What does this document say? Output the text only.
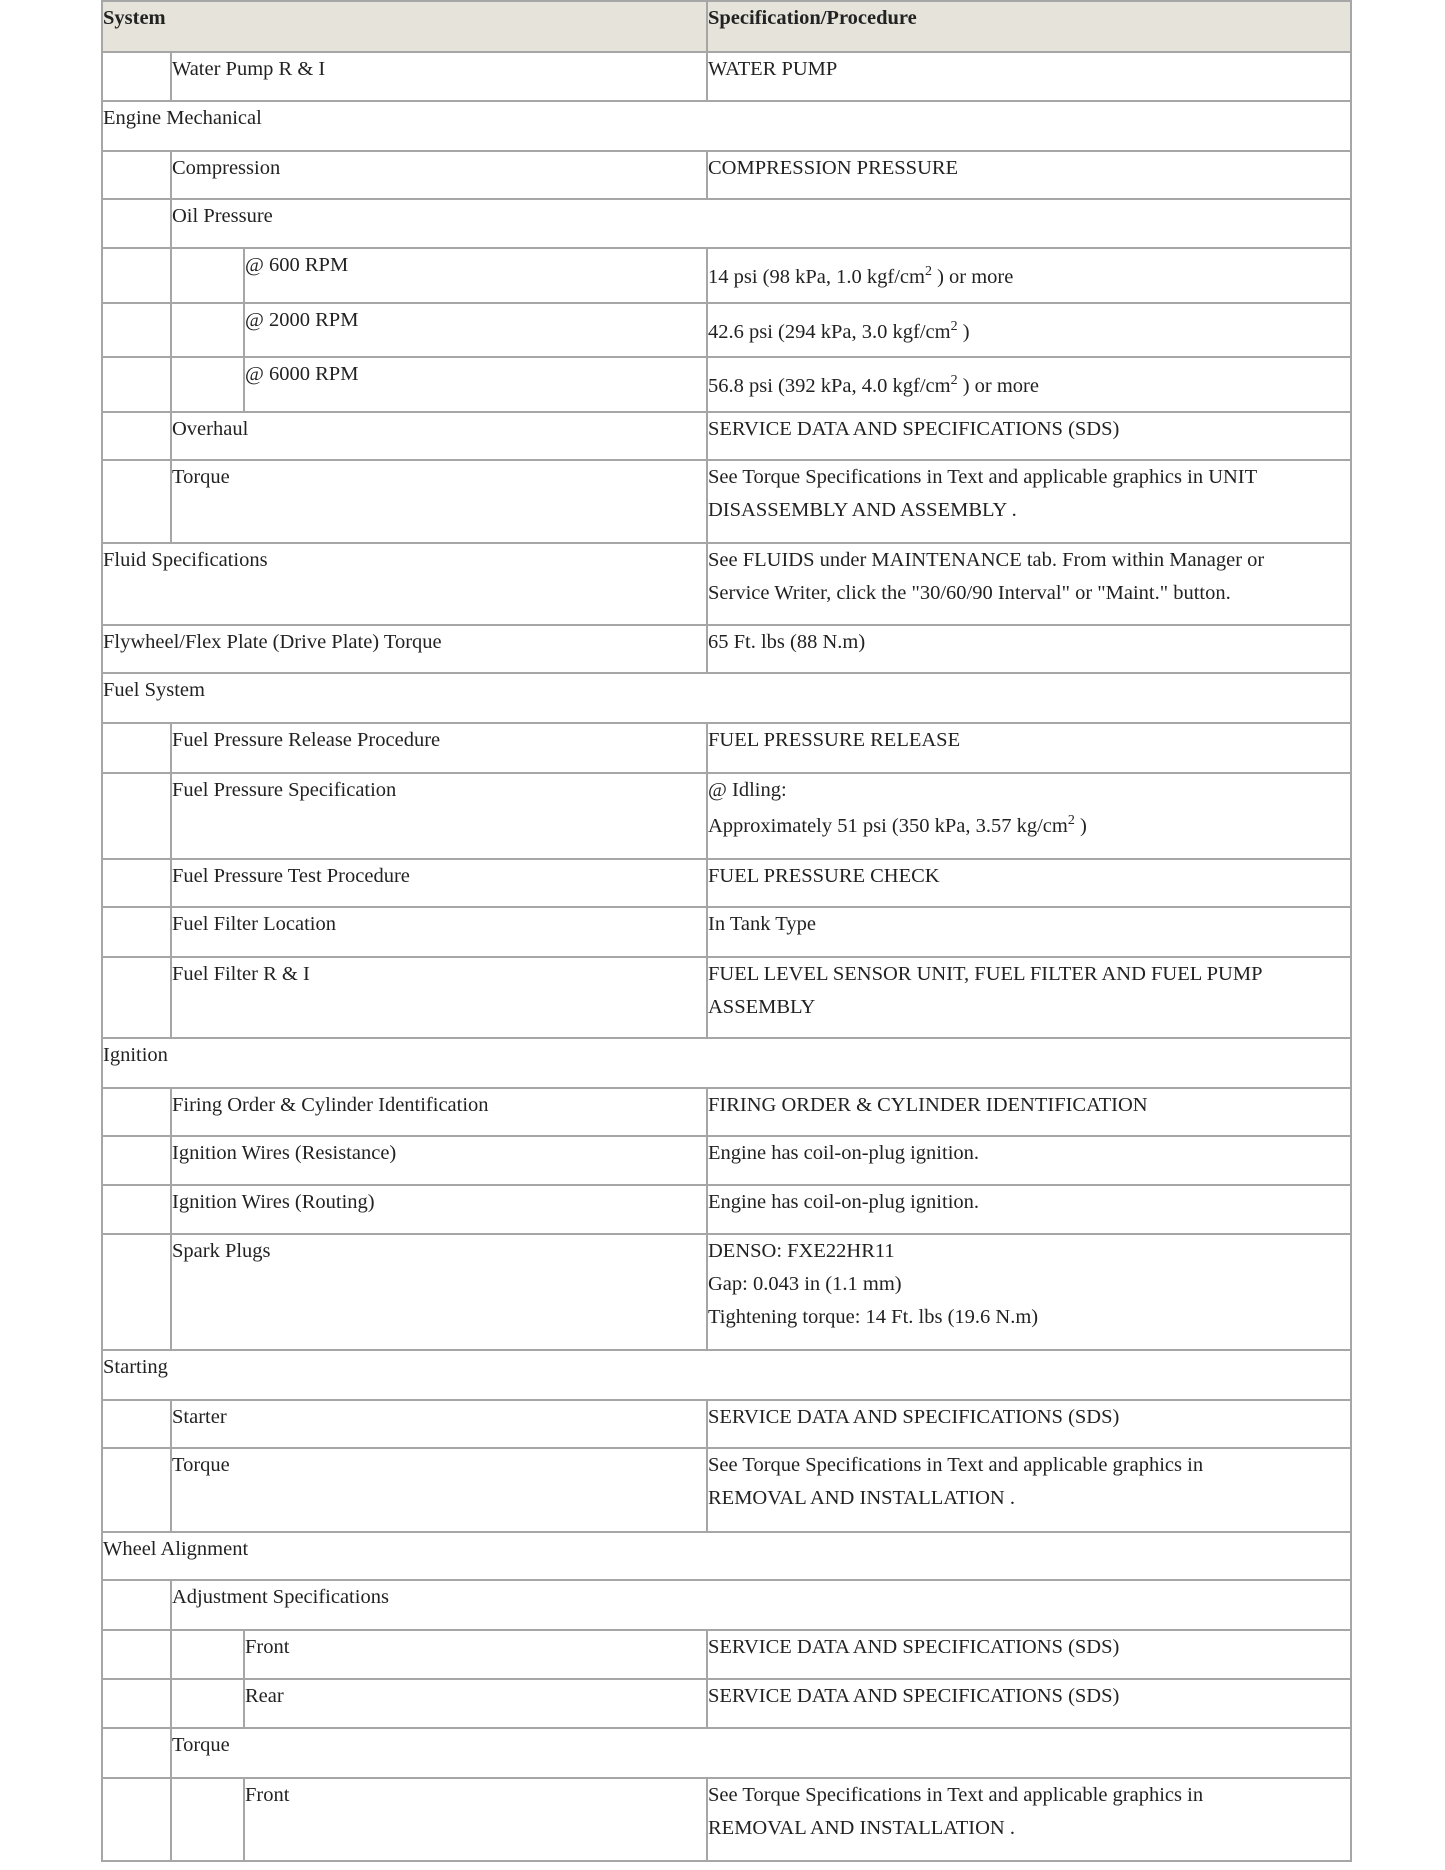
System			Specification/Procedure
	Water Pump R & I		WATER PUMP
Engine Mechanical			
	Compression		COMPRESSION PRESSURE
	Oil Pressure		
		@ 600 RPM	14 psi (98 kPa, 1.0 kgf/$cm^2$ ) or more
		@ 2000 RPM	42.6 psi (294 kPa, 3.0 kgf/$cm^2$ )
		@ 6000 RPM	56.8 psi (392 kPa, 4.0 kgf/$cm^2$ ) or more
	Overhaul		SERVICE DATA AND SPECIFICATIONS (SDS)
	Torque		See Torque Specifications in Text and applicable graphics in UNIT
DISASSEMBLY AND ASSEMBLY .

Fluid Specifications			See FLUIDS under MAINTENANCE tab. From within Manager or
Service Writer, click the "30/60/90 Interval" or "Maint." button.

Flywheel/Flex Plate (Drive Plate) Torque			65 Ft. lbs (88 N.m)
Fuel System			
	Fuel Pressure Release Procedure		FUEL PRESSURE RELEASE
	Fuel Pressure Specification		@ Idling:
Approximately 51 psi (350 kPa, 3.57 $kg/cm^2$ )

	Fuel Pressure Test Procedure		FUEL PRESSURE CHECK
	Fuel Filter Location		In Tank Type
	Fuel Filter R & I		FUEL LEVEL SENSOR UNIT, FUEL FILTER AND FUEL PUMP
ASSEMBLY

Ignition			
	Firing Order & Cylinder Identification		FIRING ORDER & CYLINDER IDENTIFICATION
	Ignition Wires (Resistance)		Engine has coil-on-plug ignition.
	Ignition Wires (Routing)		Engine has coil-on-plug ignition.
	Spark Plugs		DENSO: FXE22HR11
Gap: 0.043 in (1.1 mm)
Tightening torque: 14 Ft. lbs (19.6 N.m)

Starting			
	Starter		SERVICE DATA AND SPECIFICATIONS (SDS)
	Torque		See Torque Specifications in Text and applicable graphics in
REMOVAL AND INSTALLATION .

Wheel Alignment			
	Adjustment Specifications		
		Front	SERVICE DATA AND SPECIFICATIONS (SDS)
		Rear	SERVICE DATA AND SPECIFICATIONS (SDS)
	Torque		
		Front	See Torque Specifications in Text and applicable graphics in
REMOVAL AND INSTALLATION .
